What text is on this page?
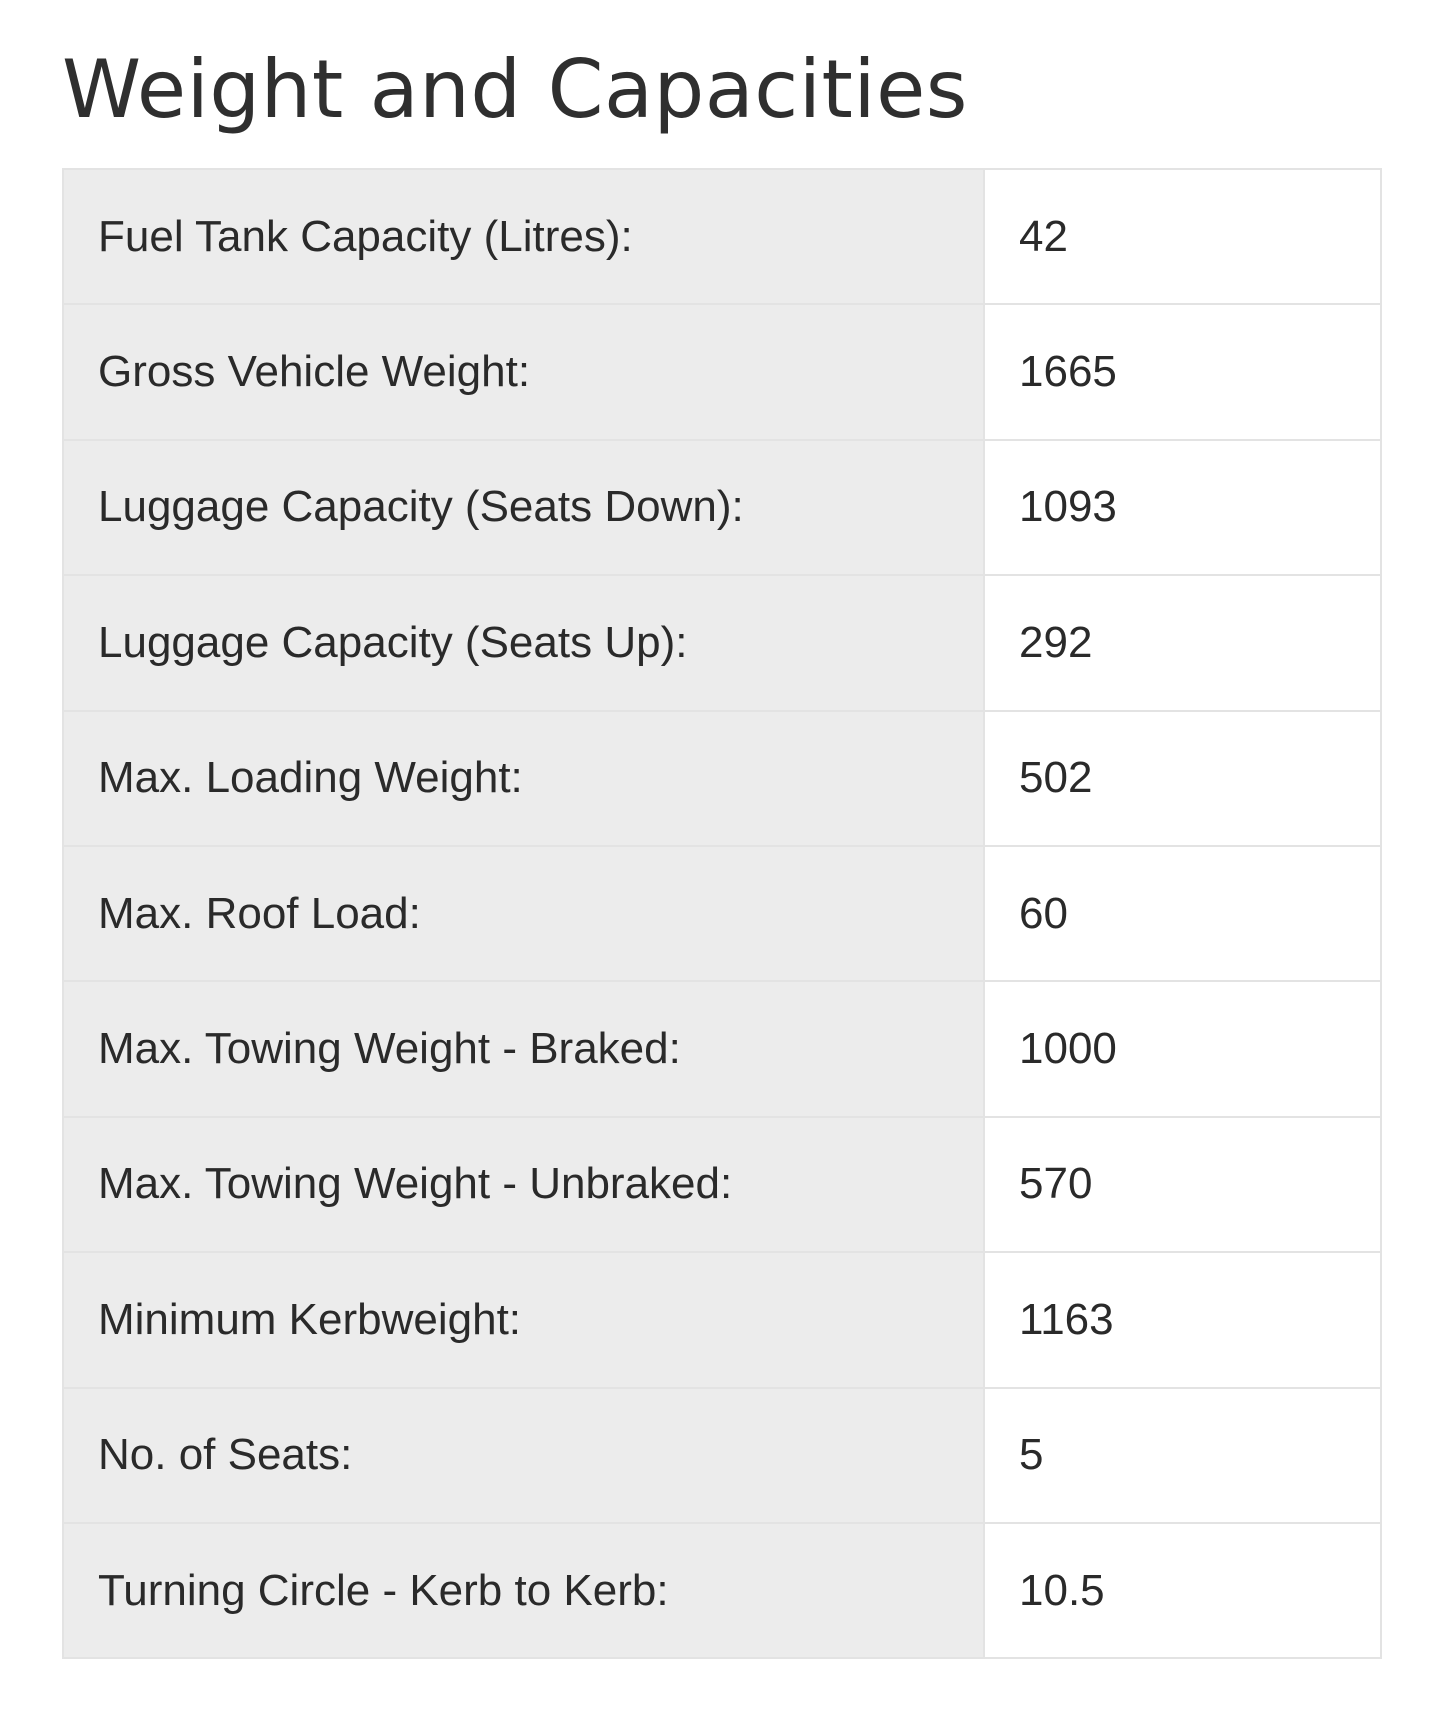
Weight and Capacities
Fuel Tank Capacity (Litres):	42
Gross Vehicle Weight:	1665
Luggage Capacity (Seats Down):	1093
Luggage Capacity (Seats Up):	292
Max. Loading Weight:	502
Max. Roof Load:	60
Max. Towing Weight - Braked:	1000
Max. Towing Weight - Unbraked:	570
Minimum Kerbweight:	1163
No. of Seats:	5
Turning Circle - Kerb to Kerb:	10.5
